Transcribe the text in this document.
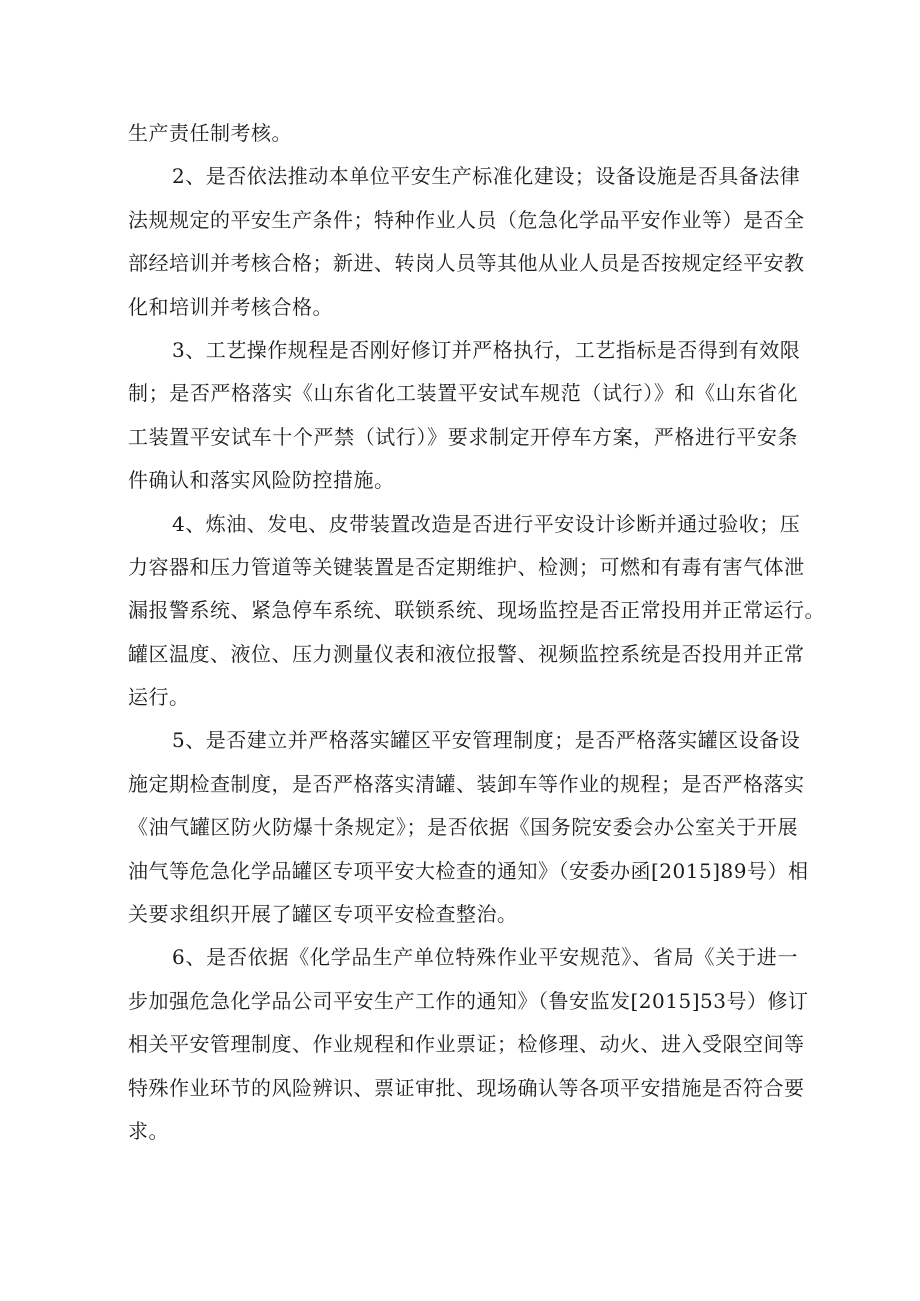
生产责任制考核。
2、是否依法推动本单位平安生产标准化建设；设备设施是否具备法律
法规规定的平安生产条件；特种作业人员（危急化学品平安作业等）是否全
部经培训并考核合格；新进、转岗人员等其他从业人员是否按规定经平安教
化和培训并考核合格。
3、工艺操作规程是否刚好修订并严格执行，工艺指标是否得到有效限
制；是否严格落实《山东省化工装置平安试车规范（试行）》和《山东省化
工装置平安试车十个严禁（试行）》要求制定开停车方案，严格进行平安条
件确认和落实风险防控措施。
4、炼油、发电、皮带装置改造是否进行平安设计诊断并通过验收；压
力容器和压力管道等关键装置是否定期维护、检测；可燃和有毒有害气体泄
漏报警系统、紧急停车系统、联锁系统、现场监控是否正常投用并正常运行。
罐区温度、液位、压力测量仪表和液位报警、视频监控系统是否投用并正常
运行。
5、是否建立并严格落实罐区平安管理制度；是否严格落实罐区设备设
施定期检查制度，是否严格落实清罐、装卸车等作业的规程；是否严格落实
《油气罐区防火防爆十条规定》；是否依据《国务院安委会办公室关于开展
油气等危急化学品罐区专项平安大检查的通知》（安委办函[2015]89号）相
关要求组织开展了罐区专项平安检查整治。
6、是否依据《化学品生产单位特殊作业平安规范》、省局《关于进一
步加强危急化学品公司平安生产工作的通知》（鲁安监发[2015]53号）修订
相关平安管理制度、作业规程和作业票证；检修理、动火、进入受限空间等
特殊作业环节的风险辨识、票证审批、现场确认等各项平安措施是否符合要
求。
